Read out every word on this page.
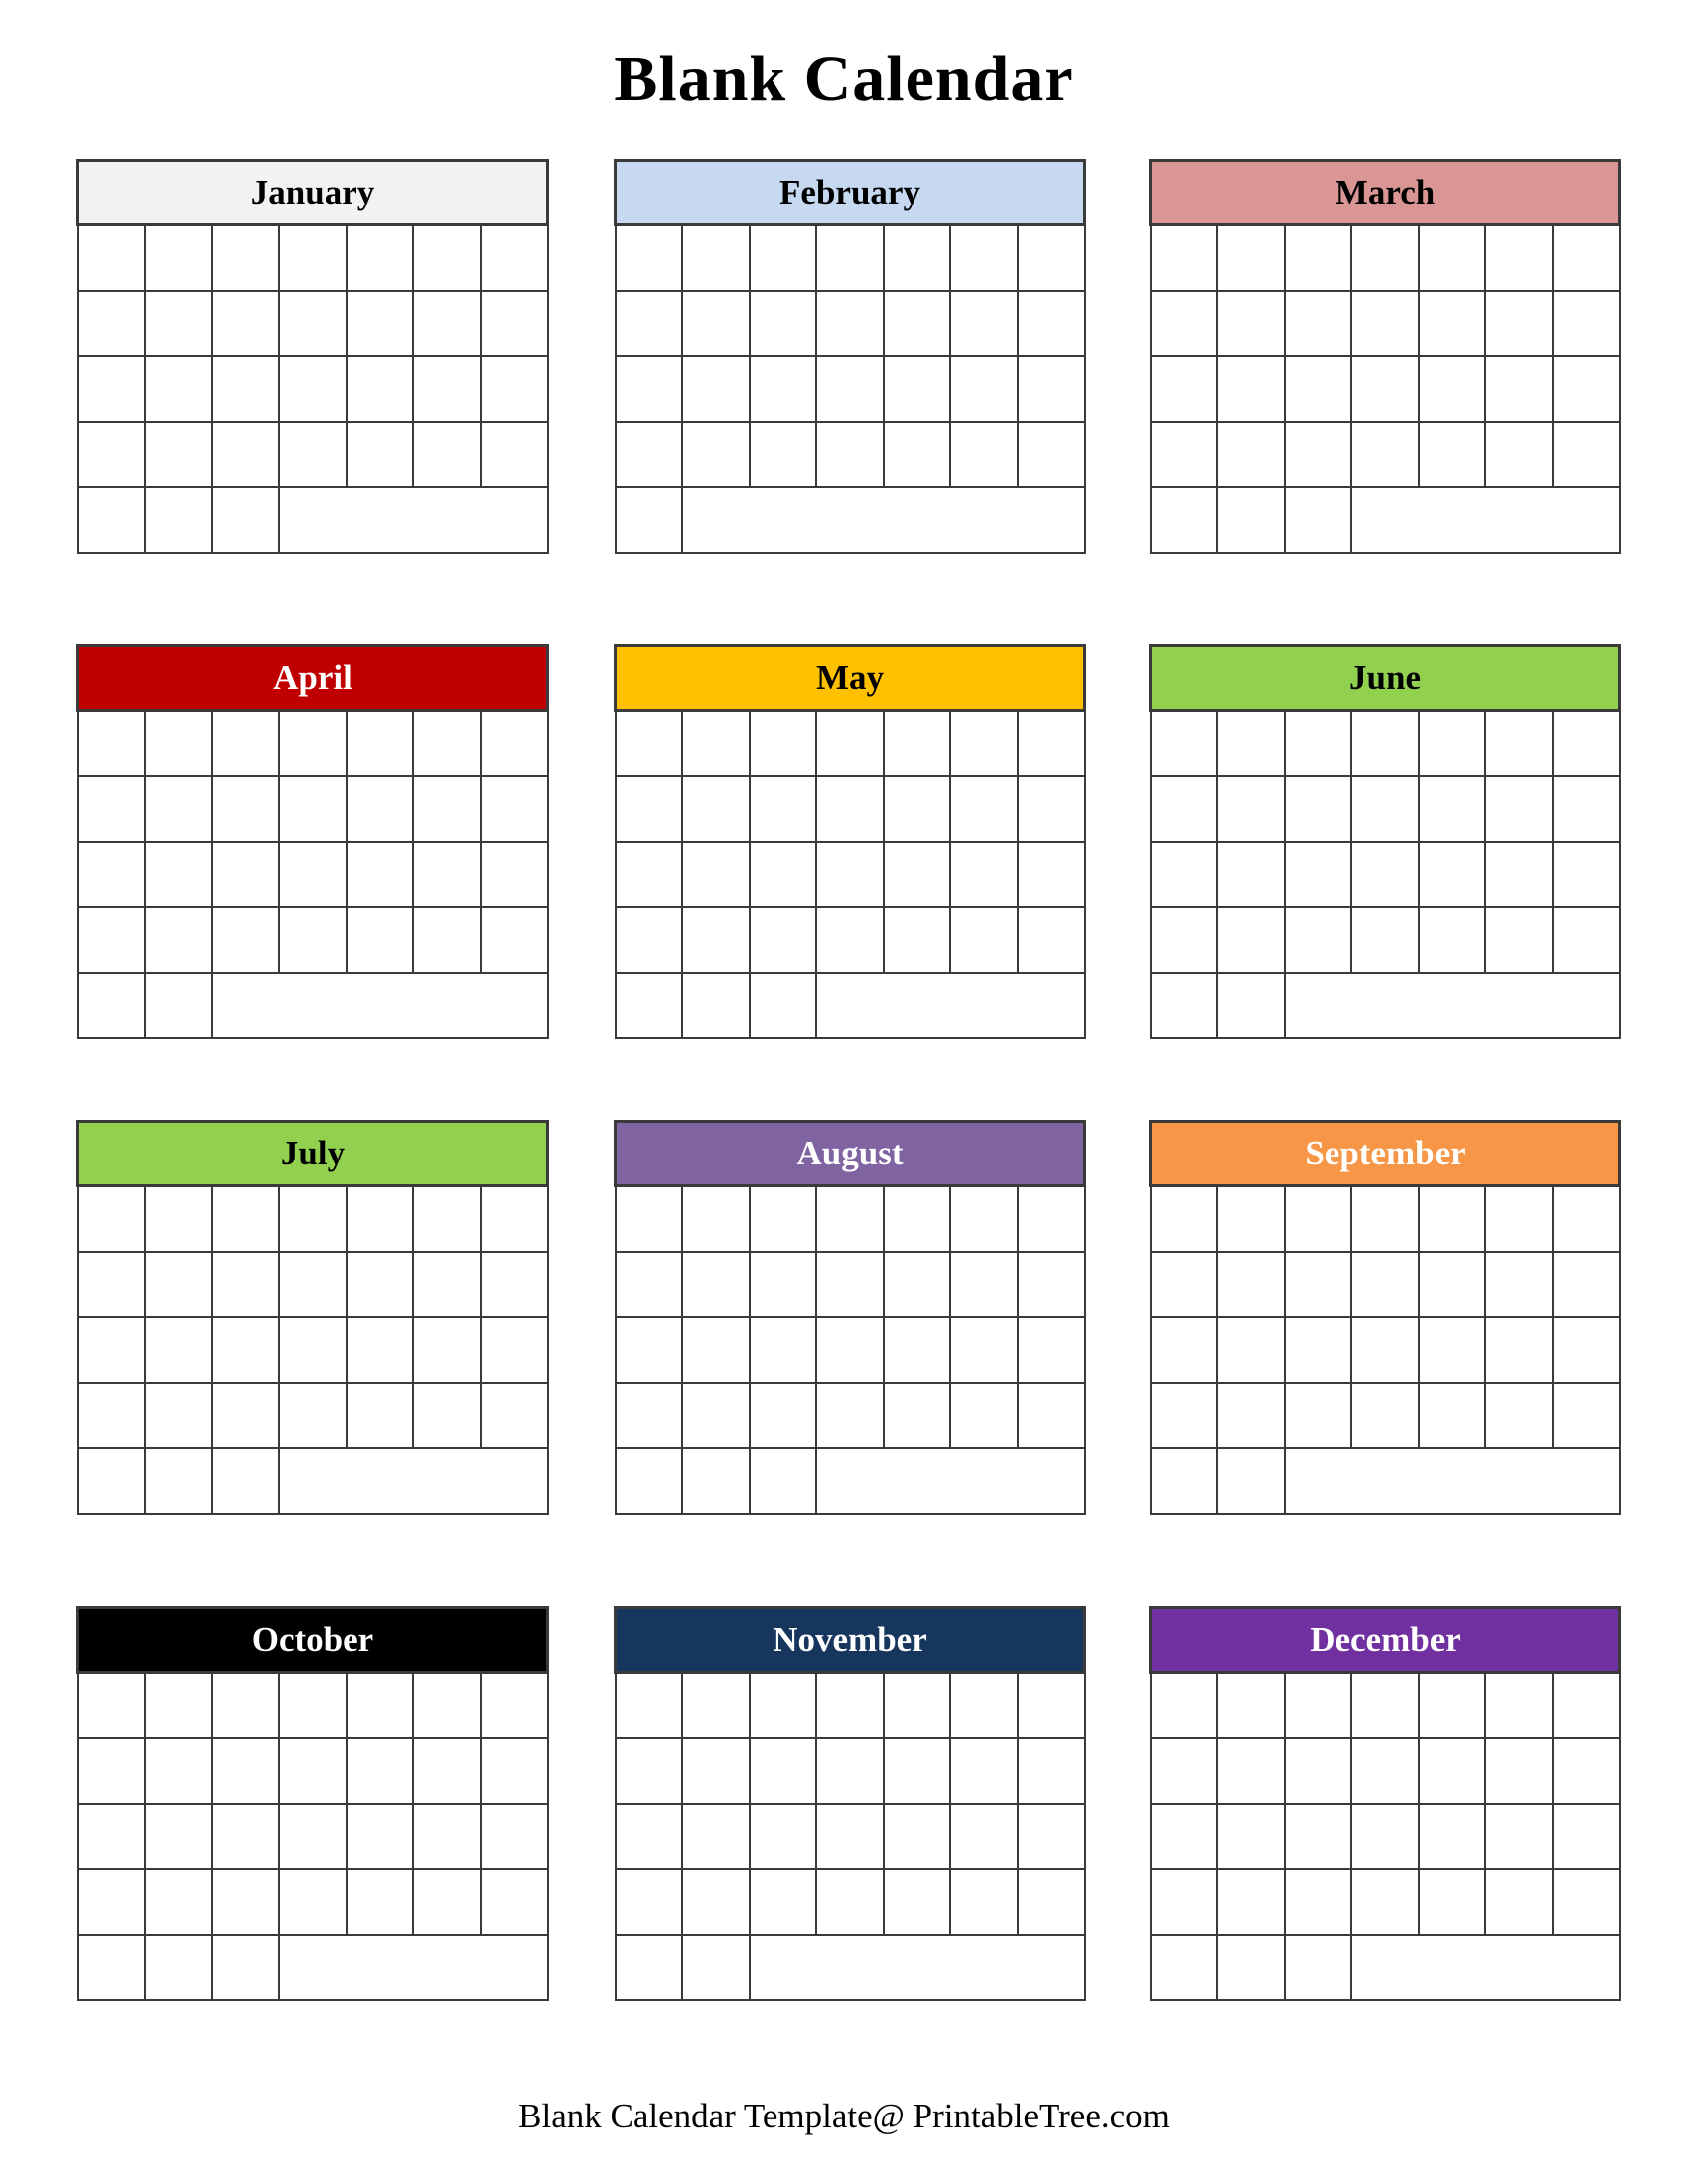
Blank Calendar
January						

				February						

		March						

April						

			May						

				June						

July						

				August						

				September						

October						

				November						

			December						

Blank Calendar Template@ PrintableTree.com
